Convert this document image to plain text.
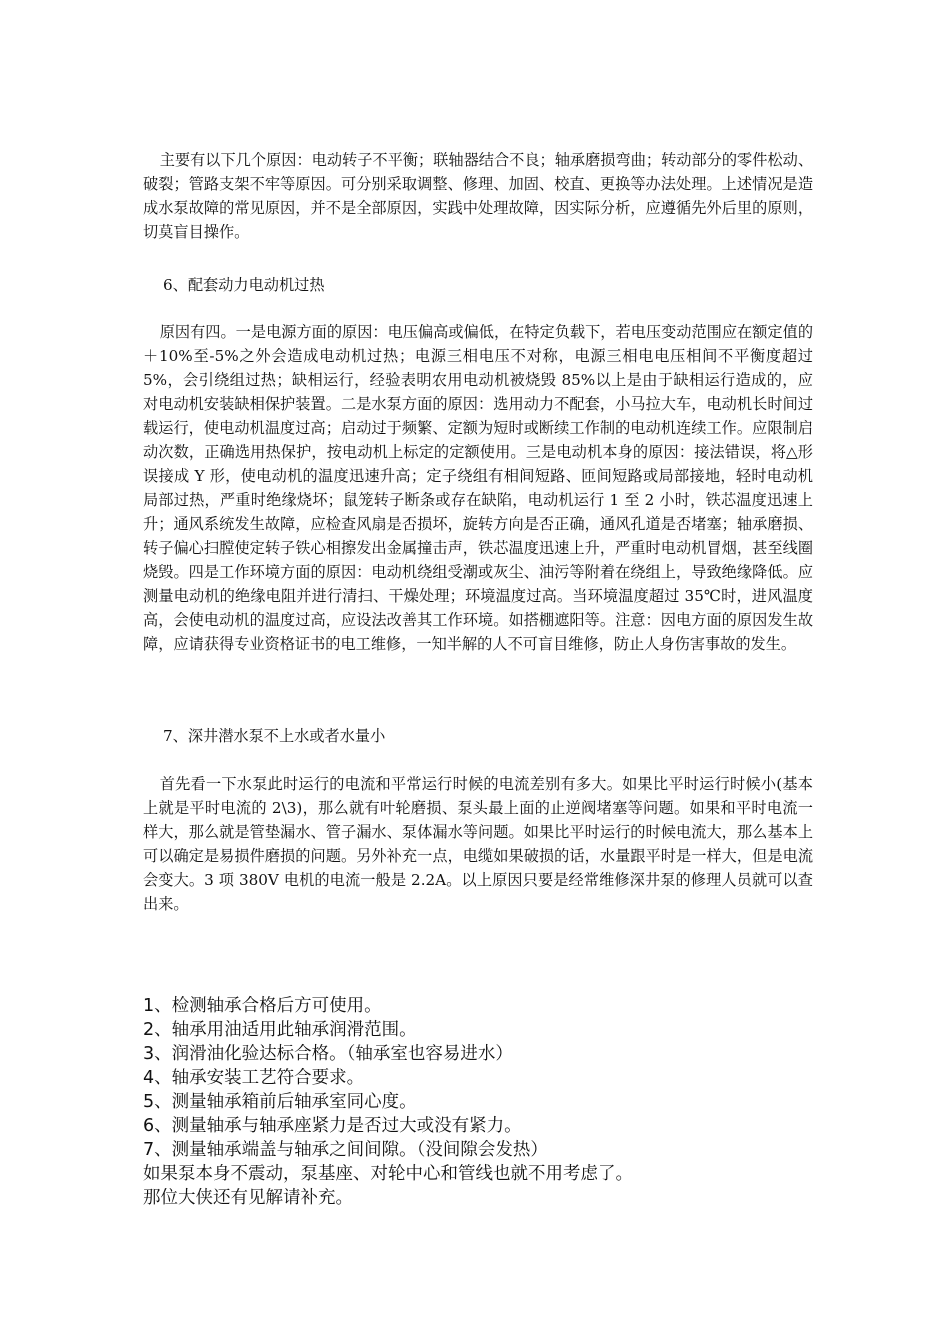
主要有以下几个原因：电动转子不平衡；联轴器结合不良；轴承磨损弯曲；转动部分的零件松动、破裂；管路支架不牢等原因。可分别采取调整、修理、加固、校直、更换等办法处理。上述情况是造成水泵故障的常见原因，并不是全部原因，实践中处理故障，因实际分析，应遵循先外后里的原则，切莫盲目操作。

6、配套动力电动机过热

原因有四。一是电源方面的原因：电压偏高或偏低，在特定负载下，若电压变动范围应在额定值的＋10%至-5%之外会造成电动机过热；电源三相电压不对称，电源三相电电压相间不平衡度超过 5%，会引绕组过热；缺相运行，经验表明农用电动机被烧毁 85%以上是由于缺相运行造成的，应对电动机安装缺相保护装置。二是水泵方面的原因：选用动力不配套，小马拉大车，电动机长时间过载运行，使电动机温度过高；启动过于频繁、定额为短时或断续工作制的电动机连续工作。应限制启动次数，正确选用热保护，按电动机上标定的定额使用。三是电动机本身的原因：接法错误，将△形误接成 Y 形，使电动机的温度迅速升高；定子绕组有相间短路、匝间短路或局部接地，轻时电动机局部过热，严重时绝缘烧坏；鼠笼转子断条或存在缺陷，电动机运行 1 至 2 小时，铁芯温度迅速上升；通风系统发生故障，应检查风扇是否损坏，旋转方向是否正确，通风孔道是否堵塞；轴承磨损、转子偏心扫膛使定转子铁心相擦发出金属撞击声，铁芯温度迅速上升，严重时电动机冒烟，甚至线圈烧毁。四是工作环境方面的原因：电动机绕组受潮或灰尘、油污等附着在绕组上，导致绝缘降低。应测量电动机的绝缘电阻并进行清扫、干燥处理；环境温度过高。当环境温度超过 35℃时，进风温度高，会使电动机的温度过高，应设法改善其工作环境。如搭棚遮阳等。注意：因电方面的原因发生故障，应请获得专业资格证书的电工维修，一知半解的人不可盲目维修，防止人身伤害事故的发生。

7、深井潜水泵不上水或者水量小

首先看一下水泵此时运行的电流和平常运行时候的电流差别有多大。如果比平时运行时候小(基本上就是平时电流的 2\3)，那么就有叶轮磨损、泵头最上面的止逆阀堵塞等问题。如果和平时电流一样大，那么就是管垫漏水、管子漏水、泵体漏水等问题。如果比平时运行的时候电流大，那么基本上可以确定是易损件磨损的问题。另外补充一点，电缆如果破损的话，水量跟平时是一样大，但是电流会变大。3 项 380V 电机的电流一般是 2.2A。以上原因只要是经常维修深井泵的修理人员就可以查出来。

1、检测轴承合格后方可使用。
2、轴承用油适用此轴承润滑范围。
3、润滑油化验达标合格。（轴承室也容易进水）
4、轴承安装工艺符合要求。
5、测量轴承箱前后轴承室同心度。
6、测量轴承与轴承座紧力是否过大或没有紧力。
7、测量轴承端盖与轴承之间间隙。（没间隙会发热）
如果泵本身不震动，泵基座、对轮中心和管线也就不用考虑了。
那位大侠还有见解请补充。
